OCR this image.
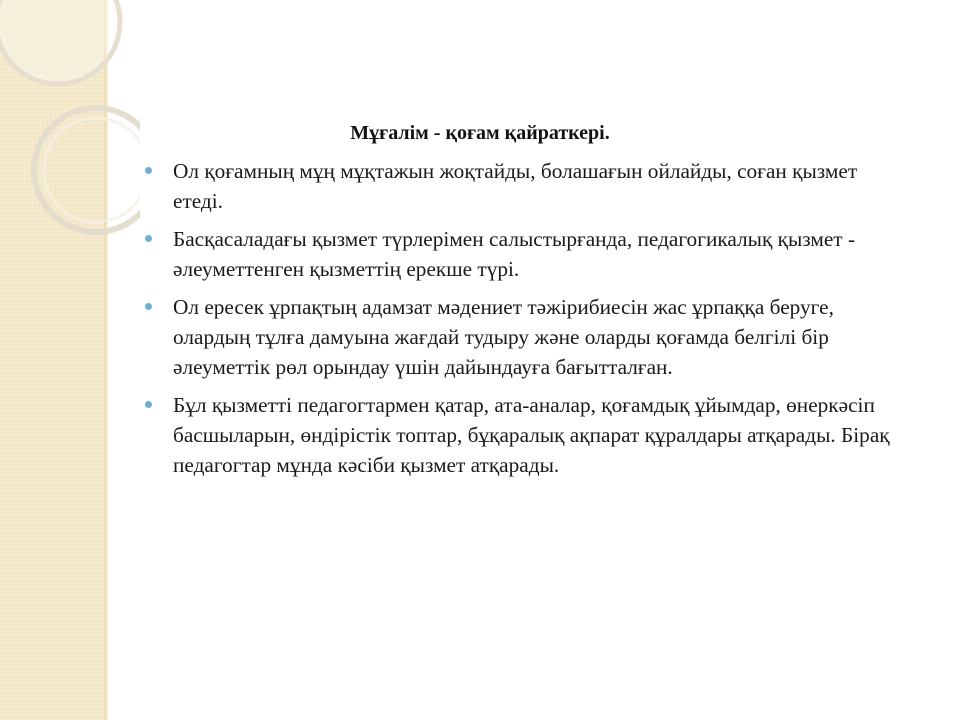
Мұғалім - қоғам қайраткері.
Ол қоғамның мұң мұқтажын жоқтайды, болашағын ойлайды, соған қызмет етеді.
Басқасаладағы қызмет түрлерімен салыстырғанда, педагогикалық қызмет - әлеуметтенген қызметтің ерекше түрі.
Ол ересек ұрпақтың адамзат мәдениет тәжірибиесін жас ұрпаққа беруге, олардың тұлға дамуына жағдай тудыру және оларды қоғамда белгілі бір әлеуметтік рөл орындау үшін дайындауға бағытталған.
Бұл қызметті педагогтармен қатар, ата-аналар, қоғамдық ұйымдар, өнеркәсіп басшыларын, өндірістік топтар, бұқаралық ақпарат құралдары атқарады. Бірақ педагогтар мұнда кәсіби қызмет атқарады.
